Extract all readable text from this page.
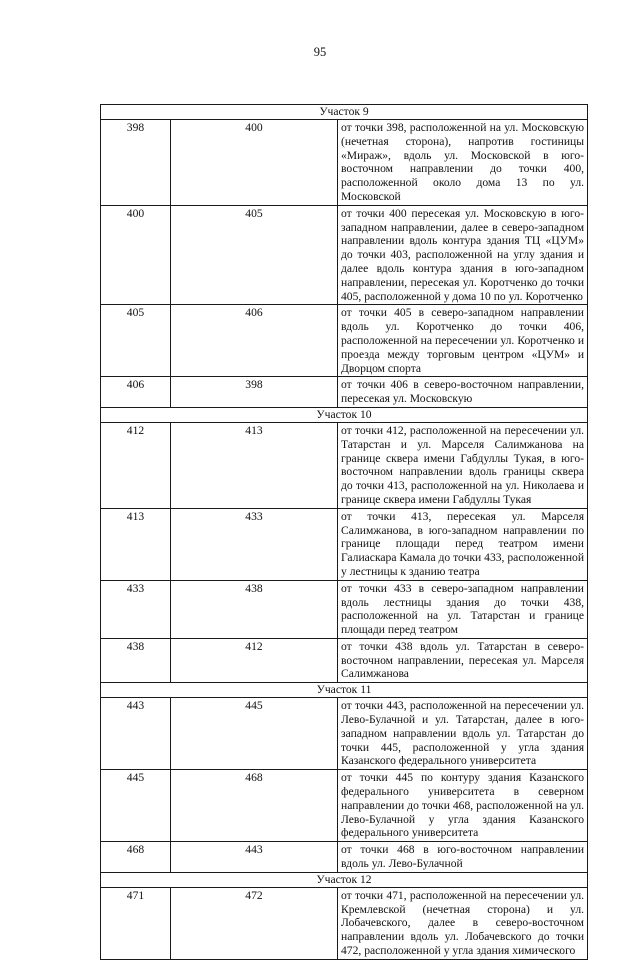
95
Участок 9		
398	400	от точки 398, расположенной на ул. Московскую (нечетная сторона), напротив гостиницы «Мираж», вдоль ул. Московской в юго-восточном направлении до точки 400, расположенной около дома 13 по ул. Московской
400	405	от точки 400 пересекая ул. Московскую в юго-западном направлении, далее в северо-западном направлении вдоль контура здания ТЦ «ЦУМ» до точки 403, расположенной на углу здания и далее вдоль контура здания в юго-западном направлении, пересекая ул. Коротченко до точки 405, расположенной у дома 10 по ул. Коротченко
405	406	от точки 405 в северо-западном направлении вдоль ул. Коротченко до точки 406, расположенной на пересечении ул. Коротченко и проезда между торговым центром «ЦУМ» и Дворцом спорта
406	398	от точки 406 в северо-восточном направлении, пересекая ул. Московскую
Участок 10		
412	413	от точки 412, расположенной на пересечении ул. Татарстан и ул. Марселя Салимжанова на границе сквера имени Габдуллы Тукая, в юго-восточном направлении вдоль границы сквера до точки 413, расположенной на ул. Николаева и границе сквера имени Габдуллы Тукая
413	433	от точки 413, пересекая ул. Марселя Салимжанова, в юго-западном направлении по границе площади перед театром имени Галиаскара Камала до точки 433, расположенной у лестницы к зданию театра
433	438	от точки 433 в северо-западном направлении вдоль лестницы здания до точки 438, расположенной на ул. Татарстан и границе площади перед театром
438	412	от точки 438 вдоль ул. Татарстан в северо-восточном направлении, пересекая ул. Марселя Салимжанова
Участок 11		
443	445	от точки 443, расположенной на пересечении ул. Лево-Булачной и ул. Татарстан, далее в юго-западном направлении вдоль ул. Татарстан до точки 445, расположенной у угла здания Казанского федерального университета
445	468	от точки 445 по контуру здания Казанского федерального университета в северном направлении до точки 468, расположенной на ул. Лево-Булачной у угла здания Казанского федерального университета
468	443	от точки 468 в юго-восточном направлении вдоль ул. Лево-Булачной
Участок 12		
471	472	от точки 471, расположенной на пересечении ул. Кремлевской (нечетная сторона) и ул. Лобачевского, далее в северо-восточном направлении вдоль ул. Лобачевского до точки 472, расположенной у угла здания химического
